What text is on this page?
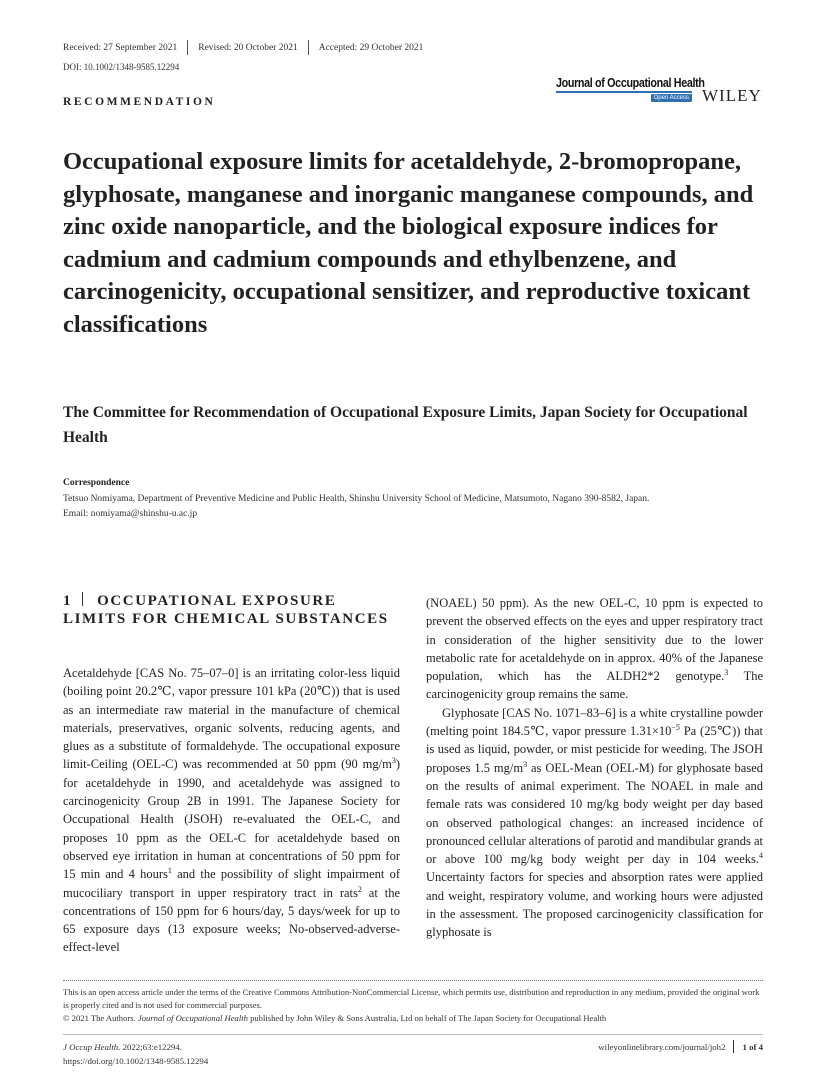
Received: 27 September 2021 Revised: 20 October 2021 Accepted: 29 October 2021
DOI: 10.1002/1348-9585.12294
RECOMMENDATION
Journal of Occupational Health
Open Access WILEY
Occupational exposure limits for acetaldehyde, 2-bromopropane, glyphosate, manganese and inorganic manganese compounds, and zinc oxide nanoparticle, and the biological exposure indices for cadmium and cadmium compounds and ethylbenzene, and carcinogenicity, occupational sensitizer, and reproductive toxicant classifications

The Committee for Recommendation of Occupational Exposure Limits, Japan Society for Occupational Health

Correspondence
Tetsuo Nomiyama, Department of Preventive Medicine and Public Health, Shinshu University School of Medicine, Matsumoto, Nagano 390-8582, Japan.
Email: nomiyama@shinshu-u.ac.jp
1 OCCUPATIONAL EXPOSURE LIMITS FOR CHEMICAL SUBSTANCES

Acetaldehyde [CAS No. 75–07–0] is an irritating color-less liquid (boiling point 20.2℃, vapor pressure 101 kPa (20℃)) that is used as an intermediate raw material in the manufacture of chemical materials, preservatives, organic solvents, reducing agents, and glues as a substitute of formaldehyde. The occupational exposure limit-Ceiling (OEL-C) was recommended at 50 ppm (90 $mg/m^3$) for acetaldehyde in 1990, and acetaldehyde was assigned to carcinogenicity Group 2B in 1991. The Japanese Society for Occupational Health (JSOH) re-evaluated the OEL-C, and proposes 10 ppm as the OEL-C for acetaldehyde based on observed eye irritation in human at concentrations of 50 ppm for 15 min and 4 hours$^1$ and the possibility of slight impairment of mucociliary transport in upper respiratory tract in rats$^2$ at the concentrations of 150 ppm for 6 hours/day, 5 days/week for up to 65 exposure days (13 exposure weeks; No-observed-adverse-effect-level

(NOAEL) 50 ppm). As the new OEL-C, 10 ppm is expected to prevent the observed effects on the eyes and upper respiratory tract in consideration of the higher sensitivity due to the lower metabolic rate for acetaldehyde on in approx. 40% of the Japanese population, which has the ALDH2*2 genotype.$^3$ The carcinogenicity group remains the same.

Glyphosate [CAS No. 1071–83–6] is a white crystalline powder (melting point 184.5℃, vapor pressure $1.31\times 10^{-5}$ Pa (25℃)) that is used as liquid, powder, or mist pesticide for weeding. The JSOH proposes 1.5 $mg/m^3$ as OEL-Mean (OEL-M) for glyphosate based on the results of animal experiment. The NOAEL in male and female rats was considered 10 mg/kg body weight per day based on observed pathological changes: an increased incidence of pronounced cellular alterations of parotid and mandibular grands at or above 100 mg/kg body weight per day in 104 weeks.$^4$ Uncertainty factors for species and absorption rates were applied and weight, respiratory volume, and working hours were adjusted in the assessment. The proposed carcinogenicity classification for glyphosate is

This is an open access article under the terms of the Creative Commons Attribution-NonCommercial License, which permits use, distribution and reproduction in any medium, provided the original work is properly cited and is not used for commercial purposes.
© 2021 The Authors. Journal of Occupational Health published by John Wiley & Sons Australia, Ltd on behalf of The Japan Society for Occupational Health
J Occup Health. 2022;63:e12294.
https://doi.org/10.1002/1348-9585.12294
wileyonlinelibrary.com/journal/joh2 1 of 4
